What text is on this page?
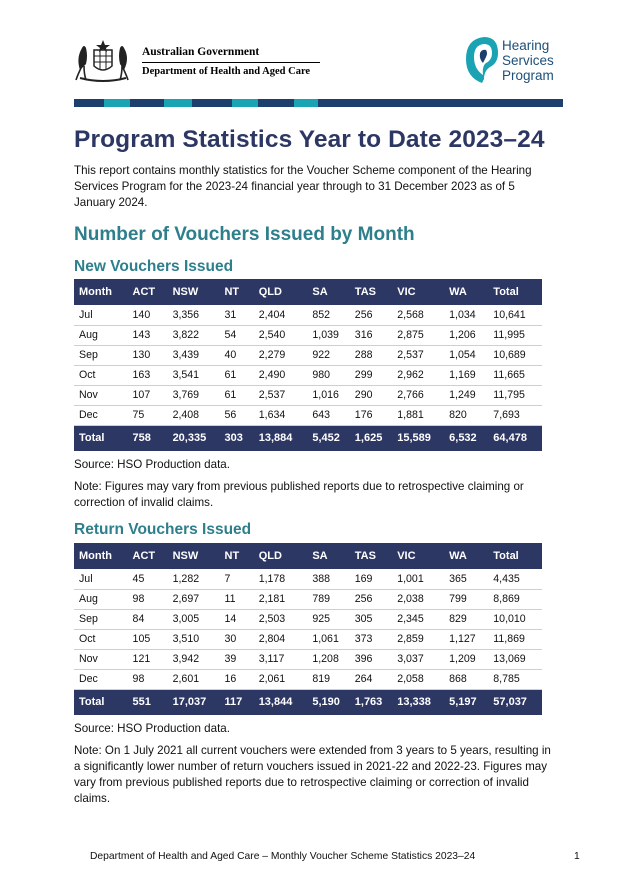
Australian Government
Department of Health and Aged Care
Hearing
Services
Program
Program Statistics Year to Date 2023–24

This report contains monthly statistics for the Voucher Scheme component of the Hearing Services Program for the 2023-24 financial year through to 31 December 2023 as of 5 January 2024.

Number of Vouchers Issued by Month
New Vouchers Issued
Month	ACT	NSW	NT	QLD	SA	TAS	VIC	WA	Total
Jul	140	3,356	31	2,404	852	256	2,568	1,034	10,641
Aug	143	3,822	54	2,540	1,039	316	2,875	1,206	11,995
Sep	130	3,439	40	2,279	922	288	2,537	1,054	10,689
Oct	163	3,541	61	2,490	980	299	2,962	1,169	11,665
Nov	107	3,769	61	2,537	1,016	290	2,766	1,249	11,795
Dec	75	2,408	56	1,634	643	176	1,881	820	7,693
Total	758	20,335	303	13,884	5,452	1,625	15,589	6,532	64,478

Source: HSO Production data.

Note: Figures may vary from previous published reports due to retrospective claiming or correction of invalid claims.

Return Vouchers Issued
Month	ACT	NSW	NT	QLD	SA	TAS	VIC	WA	Total
Jul	45	1,282	7	1,178	388	169	1,001	365	4,435
Aug	98	2,697	11	2,181	789	256	2,038	799	8,869
Sep	84	3,005	14	2,503	925	305	2,345	829	10,010
Oct	105	3,510	30	2,804	1,061	373	2,859	1,127	11,869
Nov	121	3,942	39	3,117	1,208	396	3,037	1,209	13,069
Dec	98	2,601	16	2,061	819	264	2,058	868	8,785
Total	551	17,037	117	13,844	5,190	1,763	13,338	5,197	57,037

Source: HSO Production data.

Note: On 1 July 2021 all current vouchers were extended from 3 years to 5 years, resulting in a significantly lower number of return vouchers issued in 2021-22 and 2022-23. Figures may vary from previous published reports due to retrospective claiming or correction of invalid claims.

Department of Health and Aged Care – Monthly Voucher Scheme Statistics 2023–24	1
